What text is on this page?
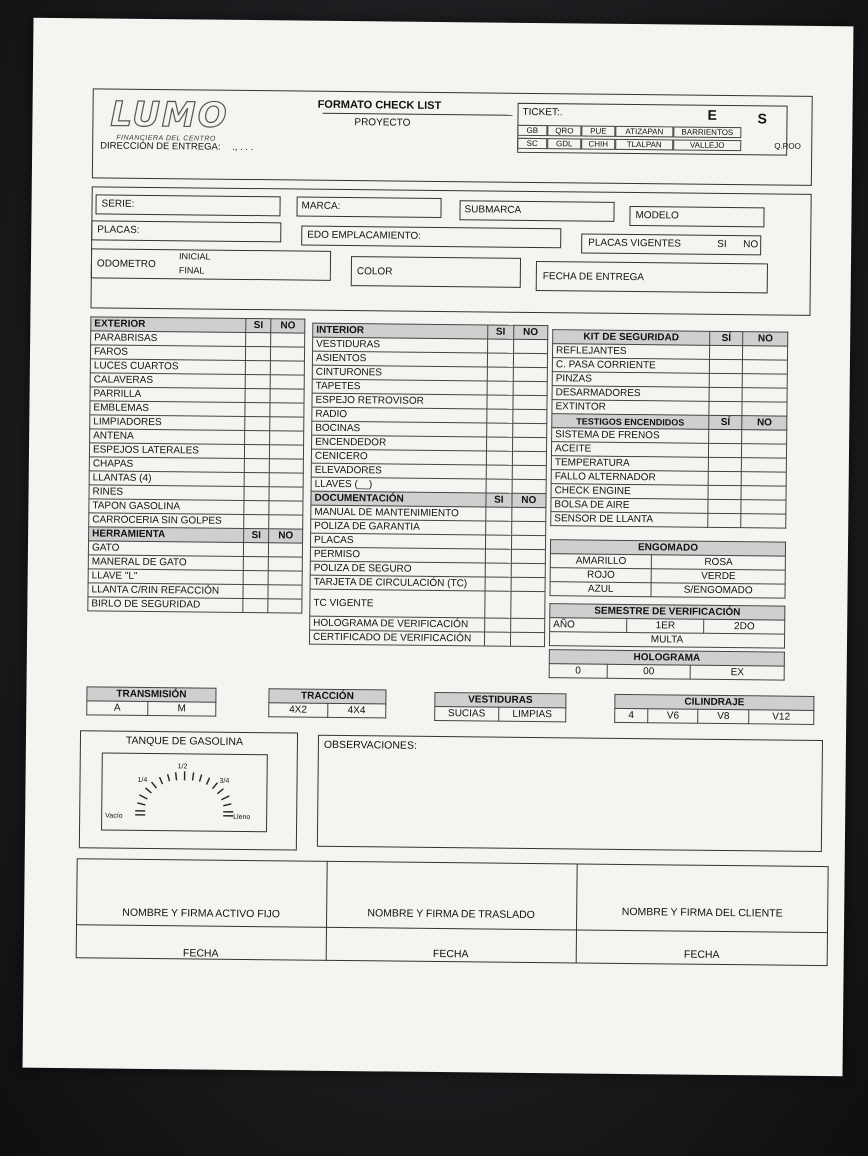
LUMO
FINANCIERA DEL CENTRO
FORMATO CHECK LIST
PROYECTO
TICKET:.	E	S
GB	QRO	PUE	ATIZAPAN	BARRIENTOS
SC	GDL	CHIH	TLALPAN	VALLEJO	Q.ROO
DIRECCIÓN DE ENTREGA: ., . . .
SERIE:	MARCA:	SUBMARCA	MODELO
PLACAS:	EDO EMPLACAMIENTO:
PLACAS VIGENTES	SI NO
ODOMETRO
INICIAL
FINAL	COLOR	FECHA DE ENTREGA
EXTERIOR	SI	NO
PARABRISAS		
FAROS		
LUCES CUARTOS		
CALAVERAS		
PARRILLA		
EMBLEMAS		
LIMPIADORES		
ANTENA		
ESPEJOS LATERALES		
CHAPAS		
LLANTAS (4)		
RINES		
TAPON GASOLINA		
CARROCERIA SIN GOLPES		
HERRAMIENTA	SI	NO
GATO		
MANERAL DE GATO		
LLAVE "L"		
LLANTA C/RIN REFACCIÓN		
BIRLO DE SEGURIDAD		
INTERIOR	SI	NO
VESTIDURAS		
ASIENTOS		
CINTURONES		
TAPETES		
ESPEJO RETROVISOR		
RADIO		
BOCINAS		
ENCENDEDOR		
CENICERO		
ELEVADORES		
LLAVES (__)		
DOCUMENTACIÓN	SI	NO
MANUAL DE MANTENIMIENTO		
POLIZA DE GARANTIA		
PLACAS		
PERMISO		
POLIZA DE SEGURO		
TARJETA DE CIRCULACIÓN (TC)		
TC VIGENTE		
HOLOGRAMA DE VERIFICACIÓN		
CERTIFICADO DE VERIFICACIÓN		
KIT DE SEGURIDAD	SÍ	NO
REFLEJANTES		
C. PASA CORRIENTE		
PINZAS		
DESARMADORES		
EXTINTOR		
TESTIGOS ENCENDIDOS	SÍ	NO
SISTEMA DE FRENOS		
ACEITE		
TEMPERATURA		
FALLO ALTERNADOR		
CHECK ENGINE		
BOLSA DE AIRE		
SENSOR DE LLANTA		
ENGOMADO	
AMARILLO	ROSA
ROJO	VERDE
AZUL	S/ENGOMADO
SEMESTRE DE VERIFICACIÓN
AÑO	1ER	2DO
MULTA
HOLOGRAMA
0	00	EX
TRANSMISIÓN
A	M
TRACCIÓN
4X2	4X4
VESTIDURAS
SUCIAS	LIMPIAS
CILINDRAJE
4	V6	V8	V12
TANQUE DE GASOLINA
1/4
1/2
3/4
Vacío	Lleno
OBSERVACIONES:
NOMBRE Y FIRMA ACTIVO FIJO	NOMBRE Y FIRMA DE TRASLADO	NOMBRE Y FIRMA DEL CLIENTE
FECHA	FECHA	FECHA
